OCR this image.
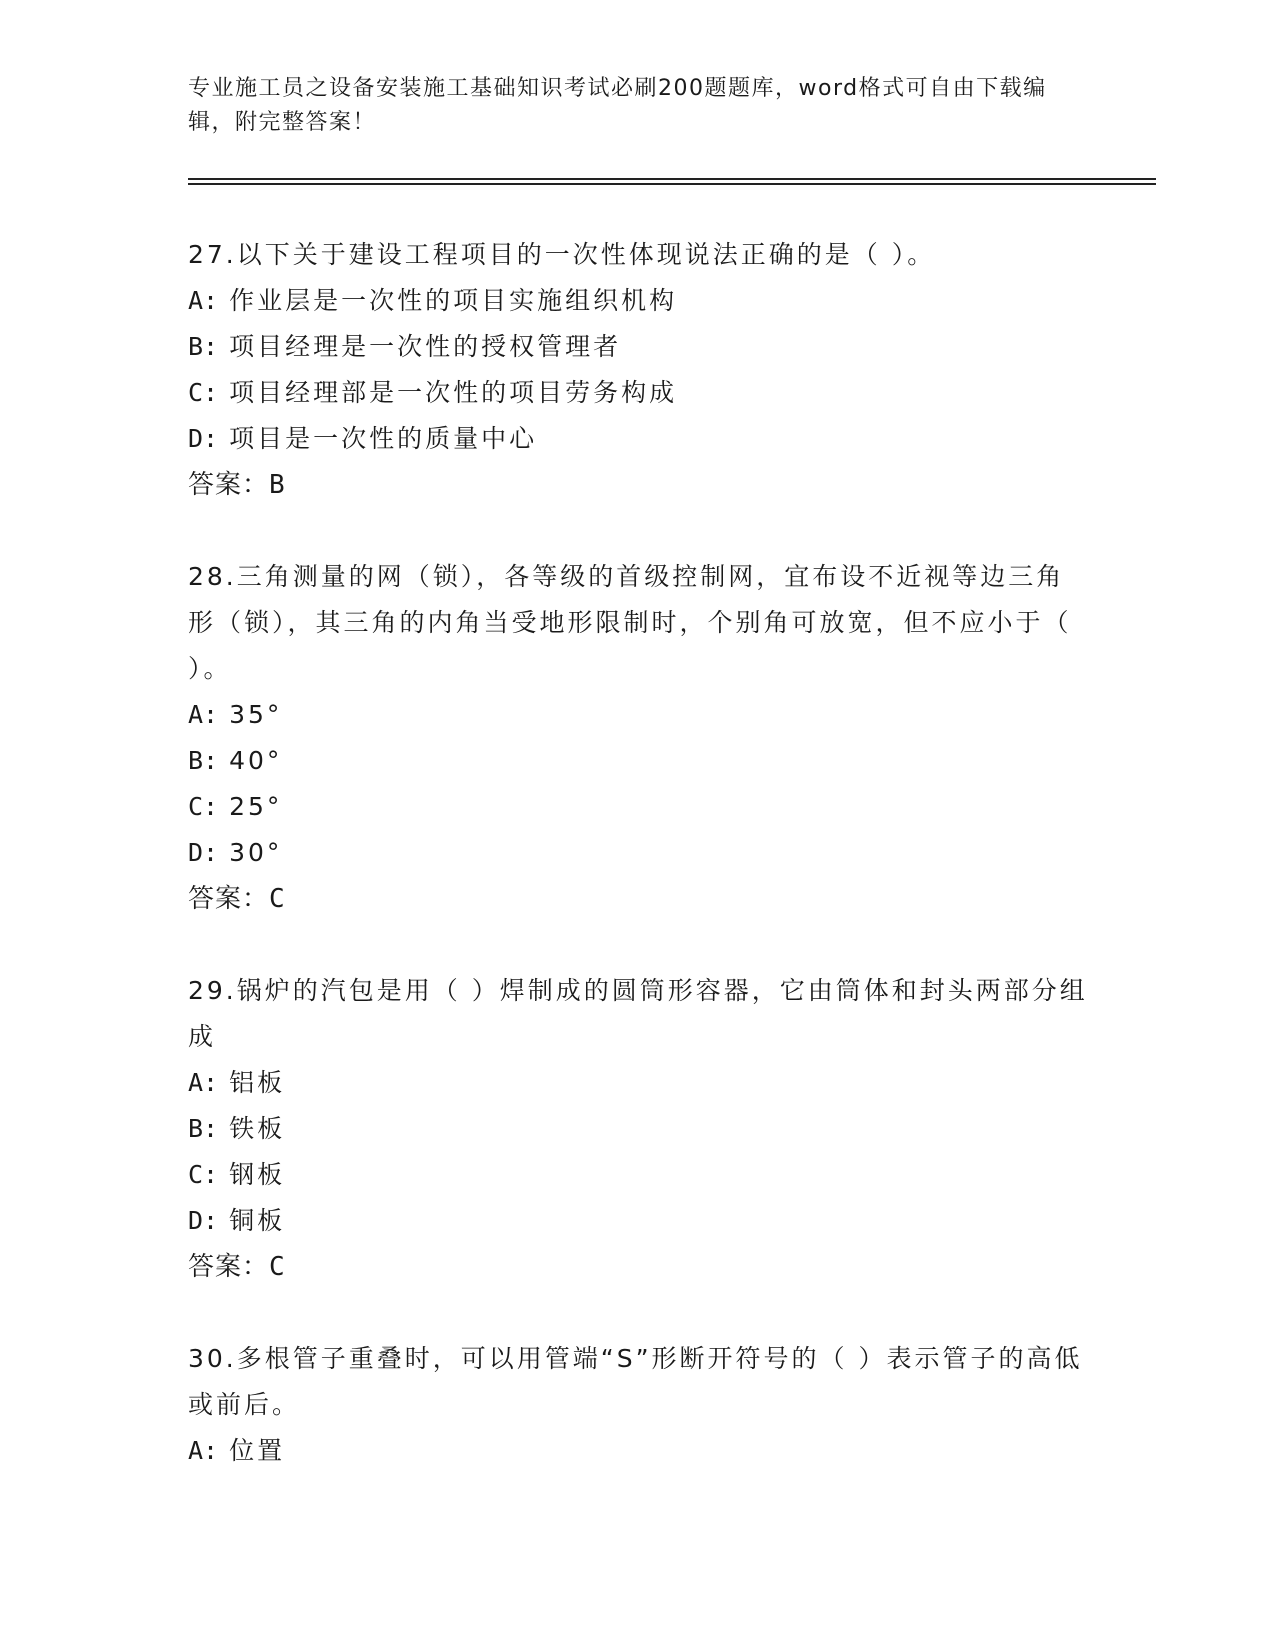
专业施工员之设备安装施工基础知识考试必刷200题题库，word格式可自由下载编辑，附完整答案！

27.以下关于建设工程项目的一次性体现说法正确的是（ ）。

A: 作业层是一次性的项目实施组织机构

B: 项目经理是一次性的授权管理者

C: 项目经理部是一次性的项目劳务构成

D: 项目是一次性的质量中心

答案：B

28.三角测量的网（锁），各等级的首级控制网，宜布设不近视等边三角形（锁），其三角的内角当受地形限制时，个别角可放宽，但不应小于（ ）。

A: 35°

B: 40°

C: 25°

D: 30°

答案：C

29.锅炉的汽包是用（ ）焊制成的圆筒形容器，它由筒体和封头两部分组成

A: 铝板

B: 铁板

C: 钢板

D: 铜板

答案：C

30.多根管子重叠时，可以用管端“S”形断开符号的（ ）表示管子的高低或前后。

A: 位置
